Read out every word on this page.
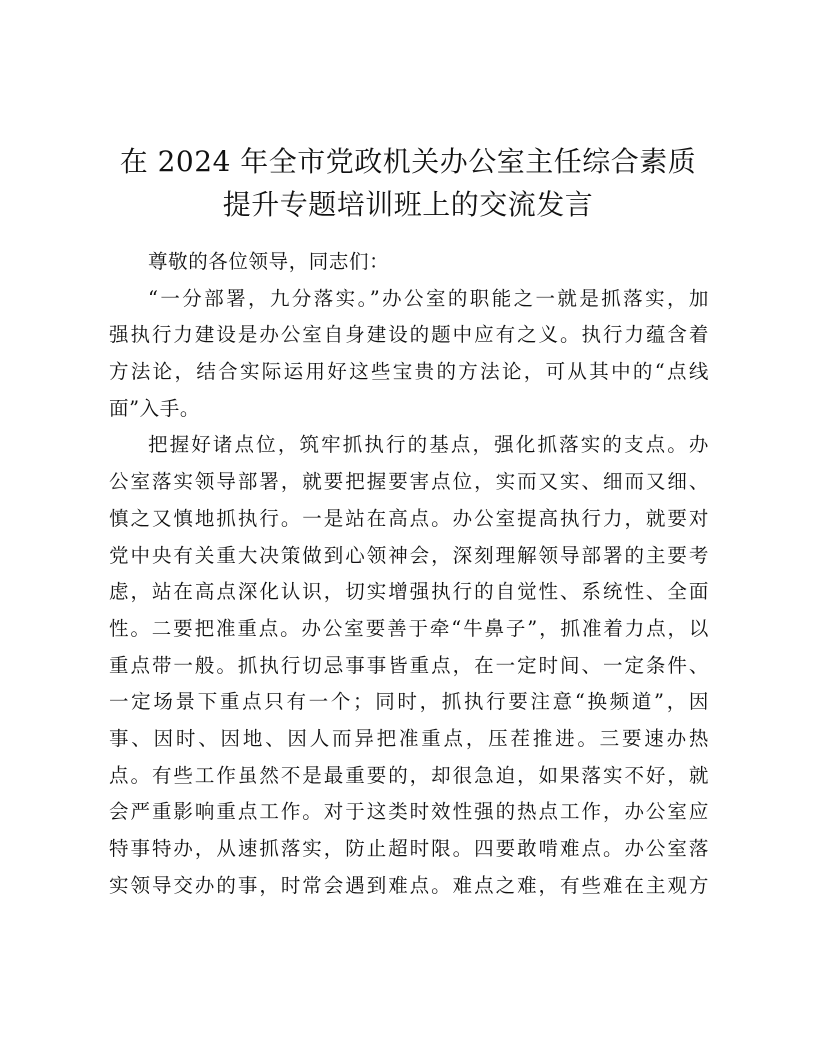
在 2024 年全市党政机关办公室主任综合素质
提升专题培训班上的交流发言
尊敬的各位领导，同志们：
“一分部署，九分落实。”办公室的职能之一就是抓落实，加
强执行力建设是办公室自身建设的题中应有之义。执行力蕴含着
方法论，结合实际运用好这些宝贵的方法论，可从其中的“点线
面”入手。
把握好诸点位，筑牢抓执行的基点，强化抓落实的支点。办
公室落实领导部署，就要把握要害点位，实而又实、细而又细、
慎之又慎地抓执行。一是站在高点。办公室提高执行力，就要对
党中央有关重大决策做到心领神会，深刻理解领导部署的主要考
虑，站在高点深化认识，切实增强执行的自觉性、系统性、全面
性。二要把准重点。办公室要善于牵“牛鼻子”，抓准着力点，以
重点带一般。抓执行切忌事事皆重点，在一定时间、一定条件、
一定场景下重点只有一个；同时，抓执行要注意“换频道”，因
事、因时、因地、因人而异把准重点，压茬推进。三要速办热
点。有些工作虽然不是最重要的，却很急迫，如果落实不好，就
会严重影响重点工作。对于这类时效性强的热点工作，办公室应
特事特办，从速抓落实，防止超时限。四要敢啃难点。办公室落
实领导交办的事，时常会遇到难点。难点之难，有些难在主观方
